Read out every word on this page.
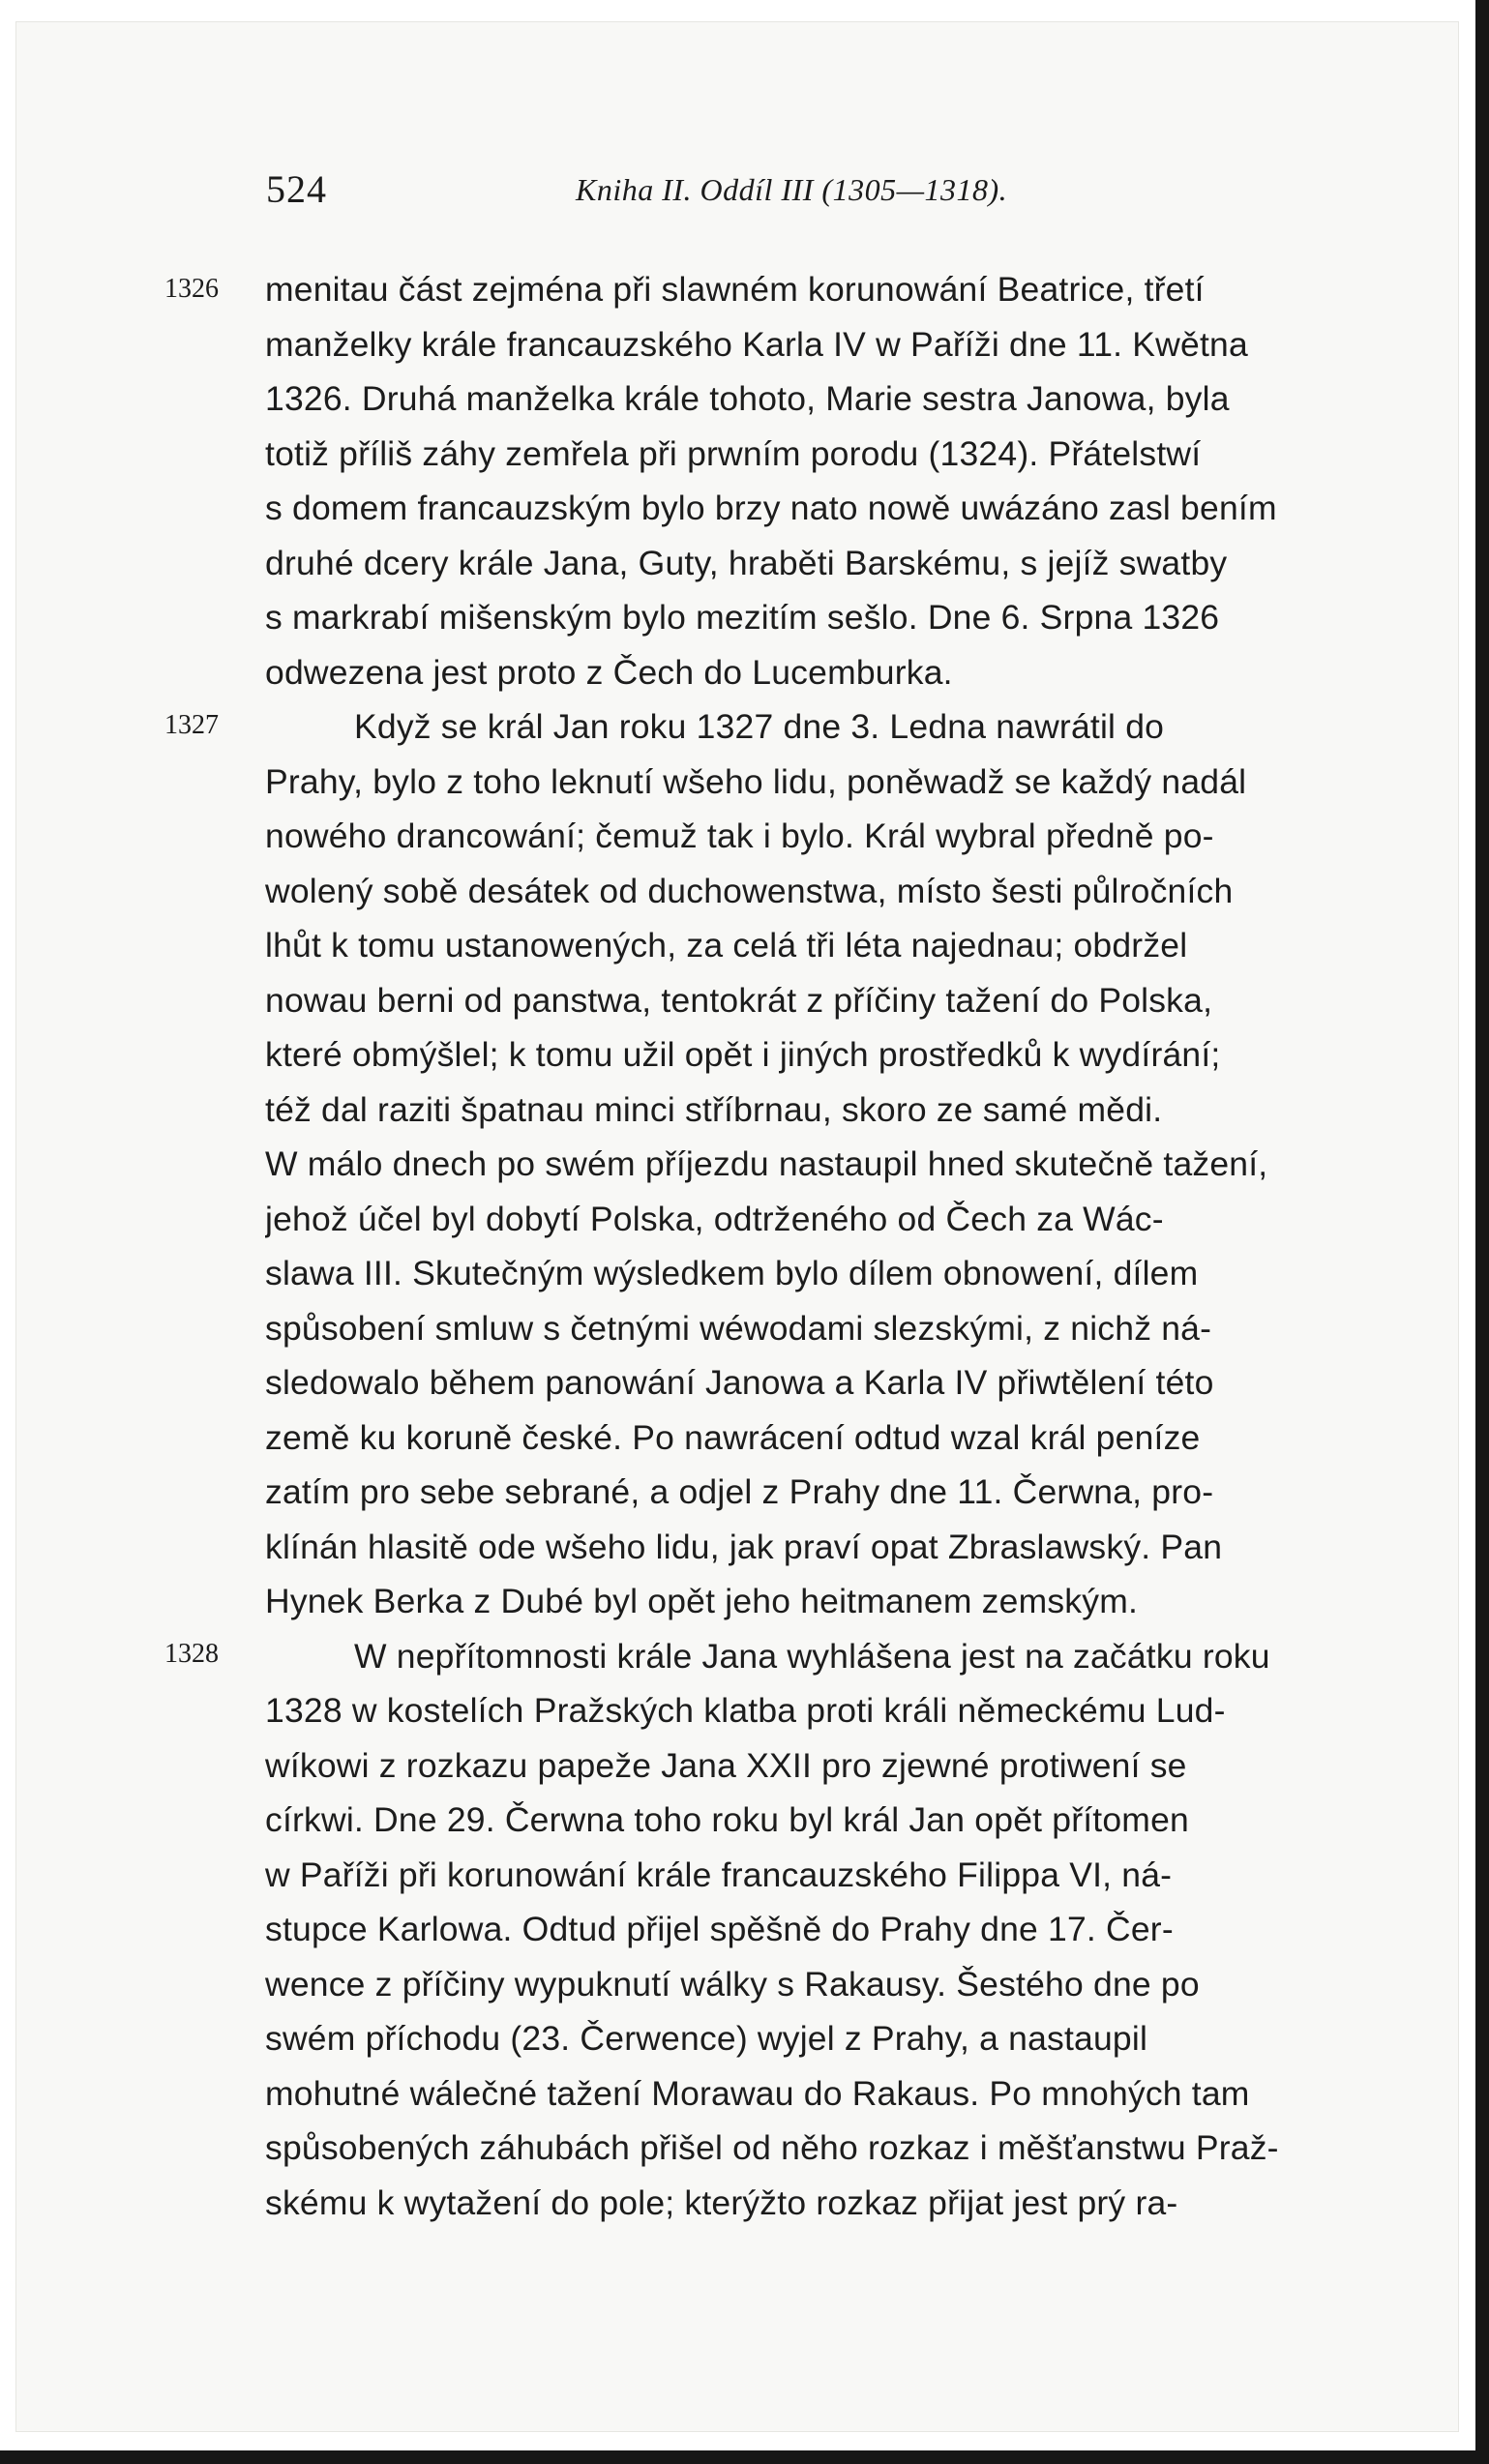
524	Kniha II. Oddíl III (1305—1318).
1326
1327
1328
menitau část zejména při slawném korunowání Beatrice, třetí
manželky krále francauzského Karla IV w Paříži dne 11. Kwětna
1326. Druhá manželka krále tohoto, Marie sestra Janowa, byla
totiž příliš záhy zemřela při prwním porodu (1324). Přátelstwí
s domem francauzským bylo brzy nato nowě uwázáno zasl bením
druhé dcery krále Jana, Guty, hraběti Barskému, s jejíž swatby
s markrabí mišenským bylo mezitím sešlo. Dne 6. Srpna 1326
odwezena jest proto z Čech do Lucemburka.
Když se král Jan roku 1327 dne 3. Ledna nawrátil do
Prahy, bylo z toho leknutí wšeho lidu, poněwadž se každý nadál
nowého drancowání; čemuž tak i bylo. Král wybral předně po-
wolený sobě desátek od duchowenstwa, místo šesti půlročních
lhůt k tomu ustanowených, za celá tři léta najednau; obdržel
nowau berni od panstwa, tentokrát z příčiny tažení do Polska,
které obmýšlel; k tomu užil opět i jiných prostředků k wydírání;
též dal raziti špatnau minci stříbrnau, skoro ze samé mědi.
W málo dnech po swém příjezdu nastaupil hned skutečně tažení,
jehož účel byl dobytí Polska, odtrženého od Čech za Wác-
slawa III. Skutečným wýsledkem bylo dílem obnowení, dílem
spůsobení smluw s četnými wéwodami slezskými, z nichž ná-
sledowalo během panowání Janowa a Karla IV přiwtělení této
země ku koruně české. Po nawrácení odtud wzal král peníze
zatím pro sebe sebrané, a odjel z Prahy dne 11. Čerwna, pro-
klínán hlasitě ode wšeho lidu, jak praví opat Zbraslawský. Pan
Hynek Berka z Dubé byl opět jeho heitmanem zemským.
W nepřítomnosti krále Jana wyhlášena jest na začátku roku
1328 w kostelích Pražských klatba proti králi německému Lud-
wíkowi z rozkazu papeže Jana XXII pro zjewné protiwení se
církwi. Dne 29. Čerwna toho roku byl král Jan opět přítomen
w Paříži při korunowání krále francauzského Filippa VI, ná-
stupce Karlowa. Odtud přijel spěšně do Prahy dne 17. Čer-
wence z příčiny wypuknutí wálky s Rakausy. Šestého dne po
swém příchodu (23. Čerwence) wyjel z Prahy, a nastaupil
mohutné wálečné tažení Morawau do Rakaus. Po mnohých tam
spůsobených záhubách přišel od něho rozkaz i měšťanstwu Praž-
skému k wytažení do pole; kterýžto rozkaz přijat jest prý ra-
